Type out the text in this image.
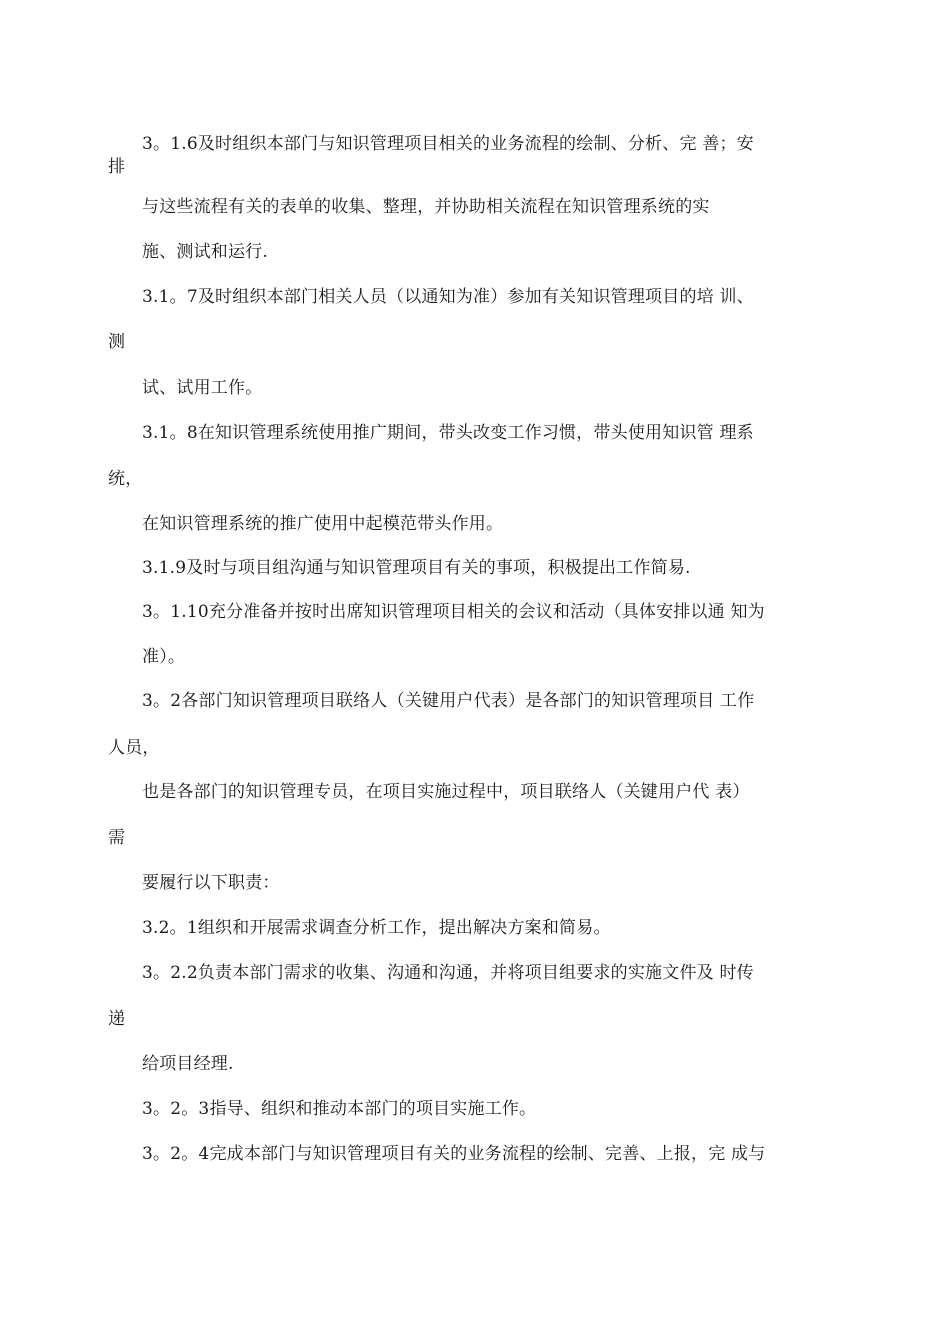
3。1.6及时组织本部门与知识管理项目相关的业务流程的绘制、分析、完 善；安
排
与这些流程有关的表单的收集、整理，并协助相关流程在知识管理系统的实
施、测试和运行.
3.1。7及时组织本部门相关人员（以通知为准）参加有关知识管理项目的培 训、
测
试、试用工作。
3.1。8在知识管理系统使用推广期间，带头改变工作习惯，带头使用知识管 理系
统，
在知识管理系统的推广使用中起模范带头作用。
3.1.9及时与项目组沟通与知识管理项目有关的事项，积极提出工作简易.
3。1.10充分准备并按时出席知识管理项目相关的会议和活动（具体安排以通 知为
准）。
3。2各部门知识管理项目联络人（关键用户代表）是各部门的知识管理项目 工作
人员，
也是各部门的知识管理专员，在项目实施过程中，项目联络人（关键用户代 表）
需
要履行以下职责：
3.2。1组织和开展需求调查分析工作，提出解决方案和简易。
3。2.2负责本部门需求的收集、沟通和沟通，并将项目组要求的实施文件及 时传
递
给项目经理.
3。2。3指导、组织和推动本部门的项目实施工作。
3。2。4完成本部门与知识管理项目有关的业务流程的绘制、完善、上报，完 成与
